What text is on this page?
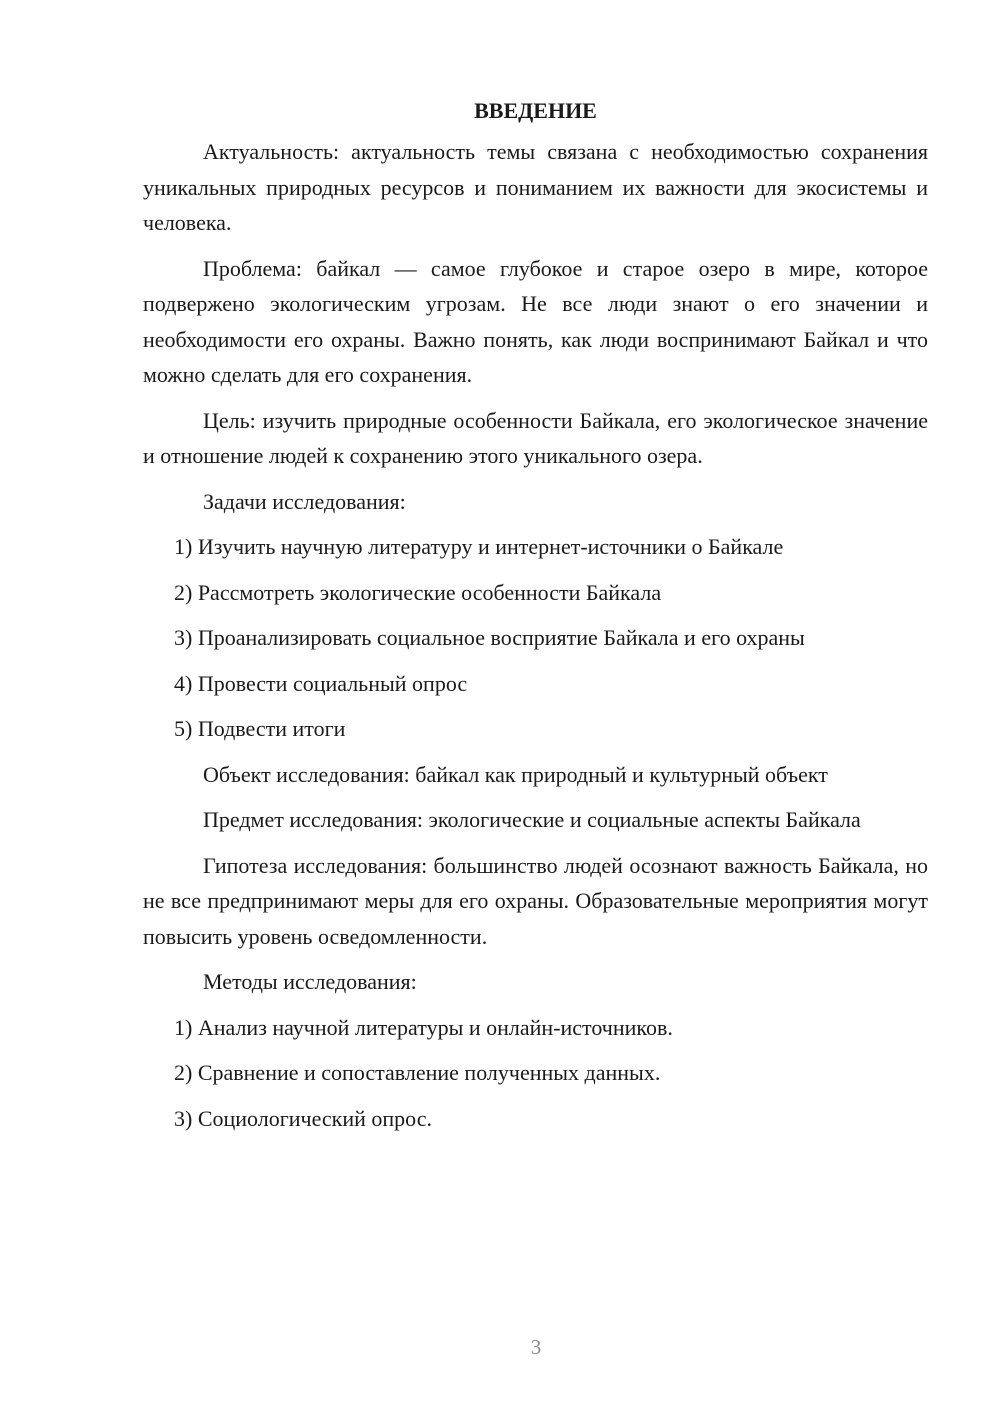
ВВЕДЕНИЕ

Актуальность: актуальность темы связана с необходимостью сохранения уникальных природных ресурсов и пониманием их важности для экосистемы и человека.

Проблема: байкал — самое глубокое и старое озеро в мире, которое подвержено экологическим угрозам. Не все люди знают о его значении и необходимости его охраны. Важно понять, как люди воспринимают Байкал и что можно сделать для его сохранения.

Цель: изучить природные особенности Байкала, его экологическое значение и отношение людей к сохранению этого уникального озера.

Задачи исследования:

1) Изучить научную литературу и интернет-источники о Байкале
2) Рассмотреть экологические особенности Байкала
3) Проанализировать социальное восприятие Байкала и его охраны
4) Провести социальный опрос
5) Подвести итоги

Объект исследования: байкал как природный и культурный объект

Предмет исследования: экологические и социальные аспекты Байкала

Гипотеза исследования: большинство людей осознают важность Байкала, но не все предпринимают меры для его охраны. Образовательные мероприятия могут повысить уровень осведомленности.

Методы исследования:

1) Анализ научной литературы и онлайн-источников.
2) Сравнение и сопоставление полученных данных.
3) Социологический опрос.
3
